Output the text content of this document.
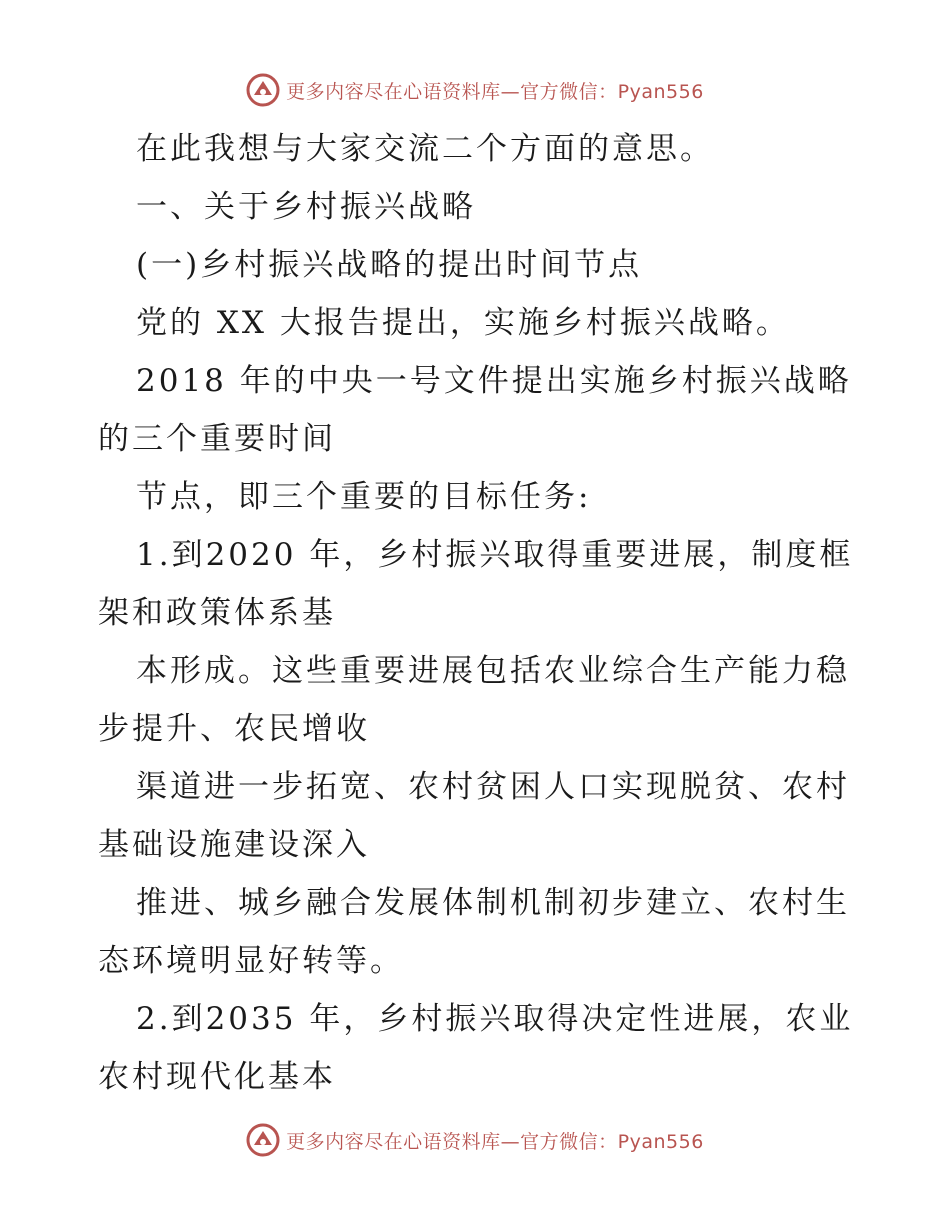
更多内容尽在心语资料库—官方微信：Pyan556
在此我想与大家交流二个方面的意思。
一、关于乡村振兴战略
(一)乡村振兴战略的提出时间节点
党的 XX 大报告提出，实施乡村振兴战略。
2018 年的中央一号文件提出实施乡村振兴战略
的三个重要时间
节点，即三个重要的目标任务:
1.到2020 年，乡村振兴取得重要进展，制度框
架和政策体系基
本形成。这些重要进展包括农业综合生产能力稳
步提升、农民增收
渠道进一步拓宽、农村贫困人口实现脱贫、农村
基础设施建设深入
推进、城乡融合发展体制机制初步建立、农村生
态环境明显好转等。
2.到2035 年，乡村振兴取得决定性进展，农业
农村现代化基本
更多内容尽在心语资料库—官方微信：Pyan556
